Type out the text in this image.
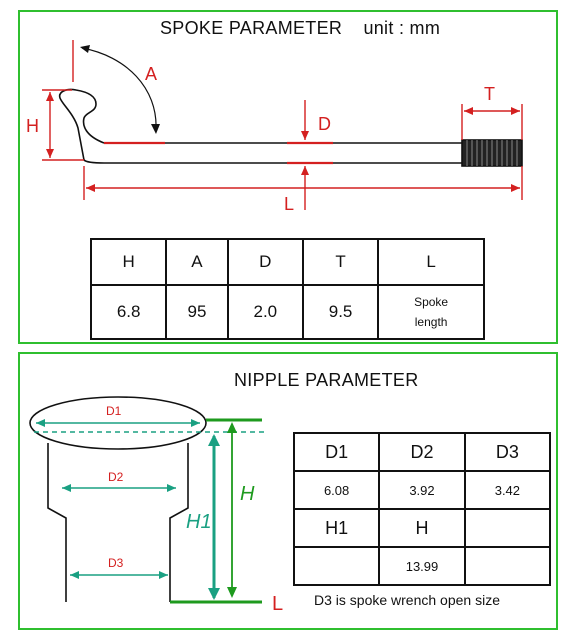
SPOKE PARAMETER unit : mm
A
H	D
T
L
D1
D2
D3
H1
H
L
H	A	D	T	L
6.8	95	2.0	9.5	Spoke
length
NIPPLE PARAMETER
D1	D2	D3
6.08	3.92	3.42
H1	H	
	13.99	
D3 is spoke wrench open size
